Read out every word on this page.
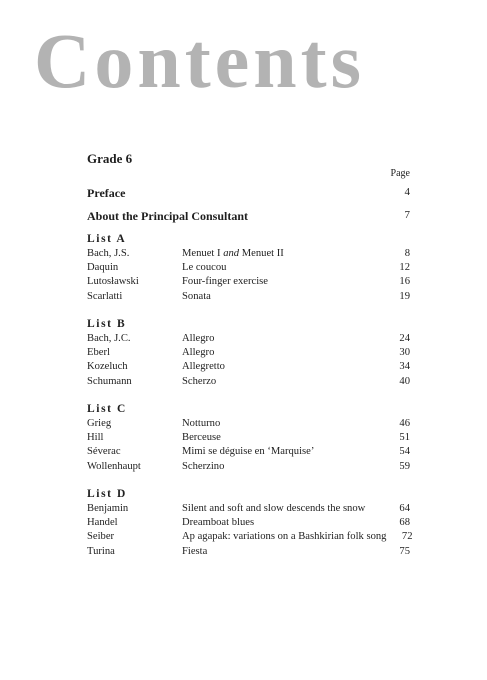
Contents
Grade 6
Page
Preface	4
About the Principal Consultant	7
List A
Bach, J.S.	Menuet I and Menuet II	8
Daquin	Le coucou	12
Lutosławski	Four-finger exercise	16
Scarlatti	Sonata	19
List B
Bach, J.C.	Allegro	24
Eberl	Allegro	30
Kozeluch	Allegretto	34
Schumann	Scherzo	40
List C
Grieg	Notturno	46
Hill	Berceuse	51
Séverac	Mimi se déguise en ‘Marquise’	54
Wollenhaupt	Scherzino	59
List D
Benjamin	Silent and soft and slow descends the snow	64
Handel	Dreamboat blues	68
Seiber	Ap agapak: variations on a Bashkirian folk song	72
Turina	Fiesta	75
